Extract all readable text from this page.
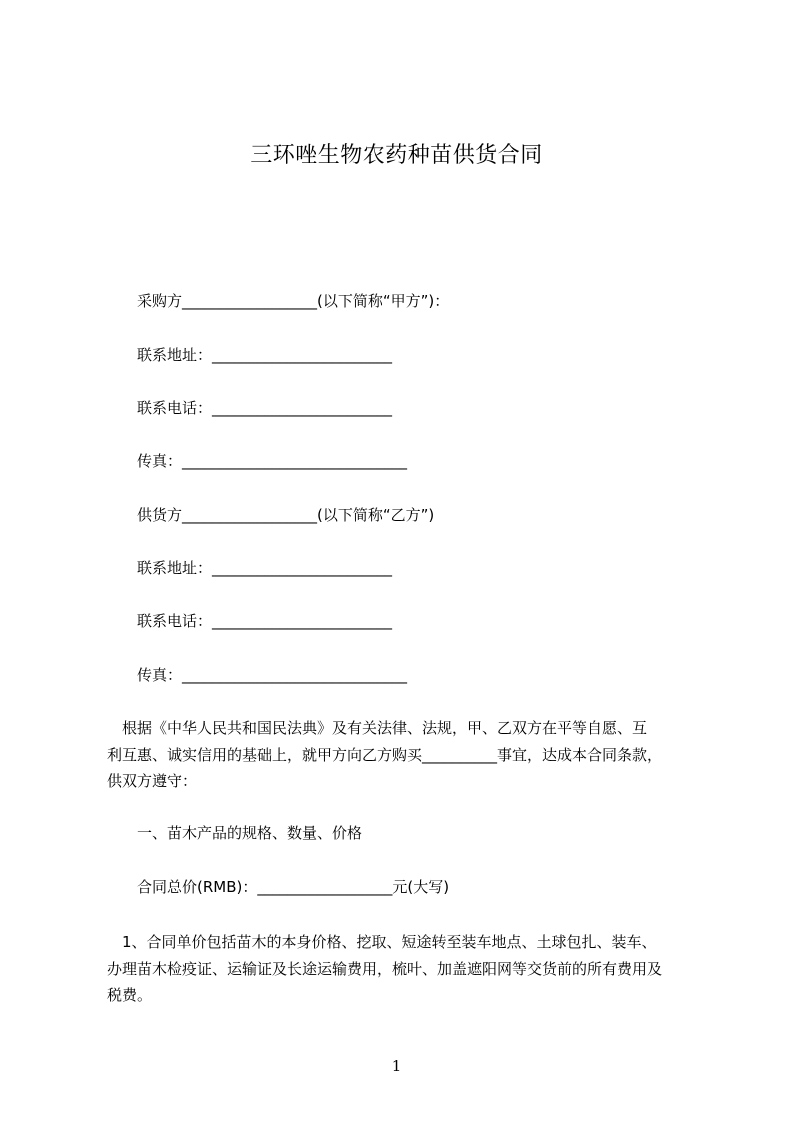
三环唑生物农药种苗供货合同
采购方__________________(以下简称“甲方”)：
联系地址：________________________
联系电话：________________________
传真：______________________________
供货方__________________(以下简称“乙方”)
联系地址：________________________
联系电话：________________________
传真：______________________________
根据《中华人民共和国民法典》及有关法律、法规，甲、乙双方在平等自愿、互
利互惠、诚实信用的基础上，就甲方向乙方购买__________事宜，达成本合同条款，
供双方遵守：
一、苗木产品的规格、数量、价格
合同总价(RMB)：__________________元(大写)
1、合同单价包括苗木的本身价格、挖取、短途转至装车地点、土球包扎、装车、
办理苗木检疫证、运输证及长途运输费用，梳叶、加盖遮阳网等交货前的所有费用及
税费。
1
